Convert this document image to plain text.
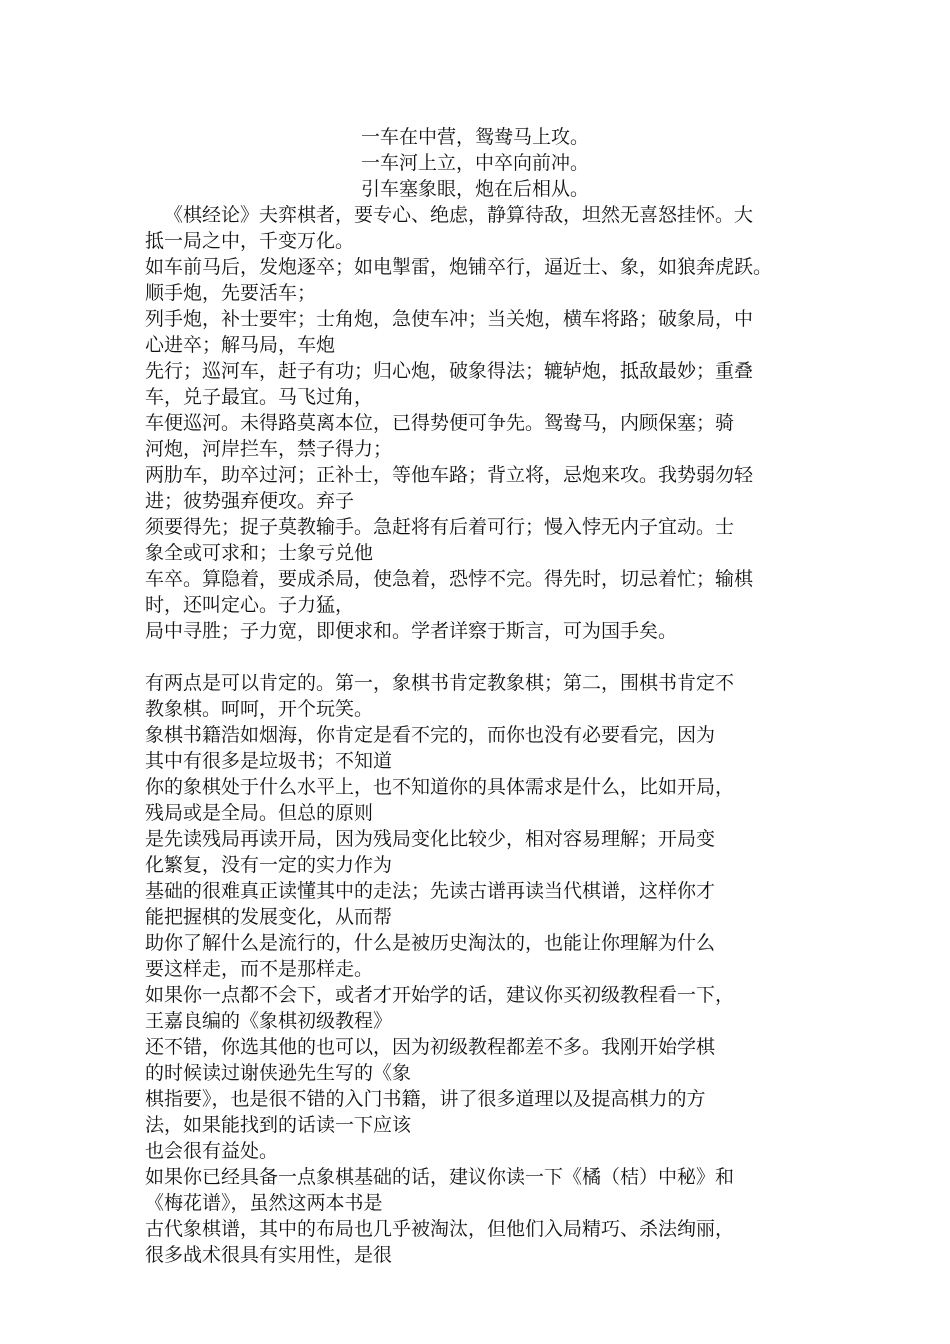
一车在中营，鸳鸯马上攻。
一车河上立，中卒向前冲。
引车塞象眼，炮在后相从。
《棋经论》夫弈棋者，要专心、绝虑，静算待敌，坦然无喜怒挂怀。大
抵一局之中，千变万化。
如车前马后，发炮逐卒；如电掣雷，炮铺卒行，逼近士、象，如狼奔虎跃。
顺手炮，先要活车；
列手炮，补士要牢；士角炮，急使车冲；当关炮，横车将路；破象局，中
心进卒；解马局，车炮
先行；巡河车，赶子有功；归心炮，破象得法；辘轳炮，抵敌最妙；重叠
车，兑子最宜。马飞过角，
车便巡河。未得路莫离本位，已得势便可争先。鸳鸯马，内顾保塞；骑
河炮，河岸拦车，禁子得力；
两肋车，助卒过河；正补士，等他车路；背立将，忌炮来攻。我势弱勿轻
进；彼势强弃便攻。弃子
须要得先；捉子莫教输手。急赶将有后着可行；慢入悖无内子宜动。士
象全或可求和；士象亏兑他
车卒。算隐着，要成杀局，使急着，恐悖不完。得先时，切忌着忙；输棋
时，还叫定心。子力猛，
局中寻胜；子力宽，即便求和。学者详察于斯言，可为国手矣。
有两点是可以肯定的。第一，象棋书肯定教象棋；第二，围棋书肯定不
教象棋。呵呵，开个玩笑。
象棋书籍浩如烟海，你肯定是看不完的，而你也没有必要看完，因为
其中有很多是垃圾书；不知道
你的象棋处于什么水平上，也不知道你的具体需求是什么，比如开局，
残局或是全局。但总的原则
是先读残局再读开局，因为残局变化比较少，相对容易理解；开局变
化繁复，没有一定的实力作为
基础的很难真正读懂其中的走法；先读古谱再读当代棋谱，这样你才
能把握棋的发展变化，从而帮
助你了解什么是流行的，什么是被历史淘汰的，也能让你理解为什么
要这样走，而不是那样走。
如果你一点都不会下，或者才开始学的话，建议你买初级教程看一下，
王嘉良编的《象棋初级教程》
还不错，你选其他的也可以，因为初级教程都差不多。我刚开始学棋
的时候读过谢侠逊先生写的《象
棋指要》，也是很不错的入门书籍，讲了很多道理以及提高棋力的方
法，如果能找到的话读一下应该
也会很有益处。
如果你已经具备一点象棋基础的话，建议你读一下《橘（桔）中秘》和
《梅花谱》，虽然这两本书是
古代象棋谱，其中的布局也几乎被淘汰，但他们入局精巧、杀法绚丽，
很多战术很具有实用性，是很
